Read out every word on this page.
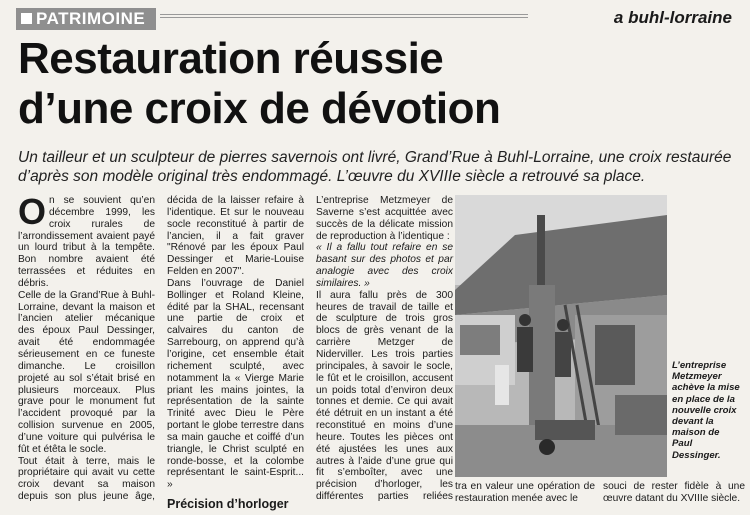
PATRIMOINE	a buhl-lorraine
Restauration réussie
d’une croix de dévotion
Un tailleur et un sculpteur de pierres savernois ont livré, Grand’Rue à Buhl-Lorraine, une croix restaurée d’après son modèle original très endommagé. L’œuvre du XVIIIe siècle a retrouvé sa place.

On se souvient qu’en décembre 1999, les croix rurales de l’arrondissement avaient payé un lourd tribut à la tempête. Bon nombre avaient été terrassées et réduites en débris.

Celle de la Grand’Rue à Buhl-Lorraine, devant la maison et l’ancien atelier mécanique des époux Paul Dessinger, avait été endommagée sérieusement en ce funeste dimanche. Le croisillon projeté au sol s’était brisé en plusieurs morceaux. Plus grave pour le monument fut l’accident provoqué par la collision survenue en 2005, d’une voiture qui pulvérisa le fût et étêta le socle.

Tout était à terre, mais le propriétaire qui avait vu cette croix devant sa maison depuis son plus jeune âge, décida de la laisser refaire à l’identique. Et sur le nouveau socle reconstitué à partir de l’ancien, il a fait graver "Rénové par les époux Paul Dessinger et Marie-Louise Felden en 2007".

Dans l’ouvrage de Daniel Bollinger et Roland Kleine, édité par la SHAL, recensant une partie de croix et calvaires du canton de Sarrebourg, on apprend qu’à l’origine, cet ensemble était richement sculpté, avec notamment la « Vierge Marie priant les mains jointes, la représentation de la sainte Trinité avec Dieu le Père portant le globe terrestre dans sa main gauche et coiffé d’un triangle, le Christ sculpté en ronde-bosse, et la colombe représentant le saint-Esprit... »

Précision d’horloger

L’entreprise Metzmeyer de Saverne s’est acquittée avec succès de la délicate mission de reproduction à l’identique :

« Il a fallu tout refaire en se basant sur des photos et par analogie avec des croix similaires. »

Il aura fallu près de 300 heures de travail de taille et de sculpture de trois gros blocs de grès venant de la carrière Metzger de Niderviller. Les trois parties principales, à savoir le socle, le fût et le croisillon, accusent un poids total d’environ deux tonnes et demie. Ce qui avait été détruit en un instant a été reconstitué en moins d’une heure. Toutes les pièces ont été ajustées les unes aux autres à l’aide d’une grue qui fit s’emboîter, avec une précision d’horloger, les différentes parties reliées

L’entreprise Metzmeyer achève la mise en place de la nouvelle croix devant la maison de Paul Dessinger.
tra en valeur une opération de restauration menée avec le
souci de rester fidèle à une œuvre datant du XVIIIe siècle.
